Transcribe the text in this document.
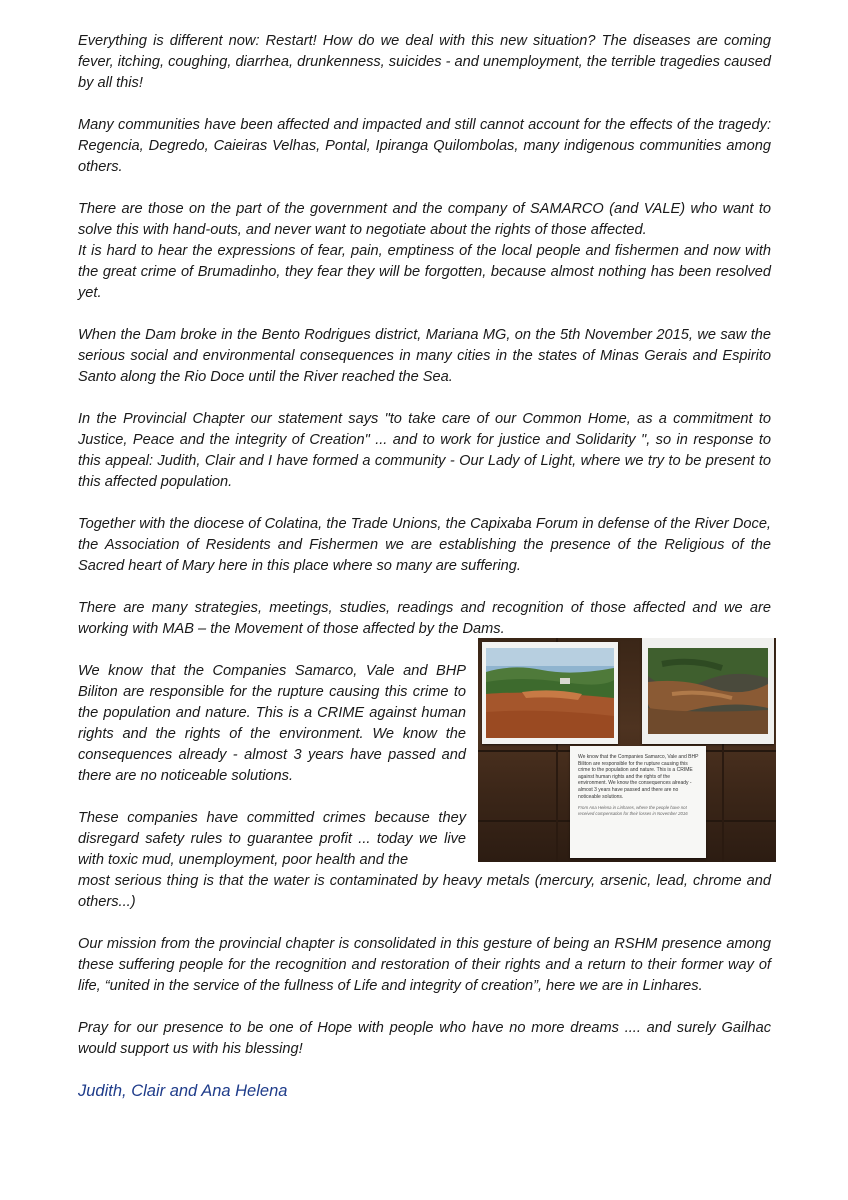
Everything is different now: Restart! How do we deal with this new situation? The diseases are coming fever, itching, coughing, diarrhea, drunkenness, suicides - and unemployment, the terrible tragedies caused by all this!

Many communities have been affected and impacted and still cannot account for the effects of the tragedy: Regencia, Degredo, Caieiras Velhas, Pontal, Ipiranga Quilombolas, many indigenous communities among others.

There are those on the part of the government and the company of SAMARCO (and VALE) who want to solve this with hand-outs, and never want to negotiate about the rights of those affected.

It is hard to hear the expressions of fear, pain, emptiness of the local people and fishermen and now with the great crime of Brumadinho, they fear they will be forgotten, because almost nothing has been resolved yet.

When the Dam broke in the Bento Rodrigues district, Mariana MG, on the 5th November 2015, we saw the serious social and environmental consequences in many cities in the states of Minas Gerais and Espirito Santo along the Rio Doce until the River reached the Sea.

In the Provincial Chapter our statement says "to take care of our Common Home, as a commitment to Justice, Peace and the integrity of Creation" ... and to work for justice and Solidarity ", so in response to this appeal: Judith, Clair and I have formed a community - Our Lady of Light, where we try to be present to this affected population.

Together with the diocese of Colatina, the Trade Unions, the Capixaba Forum in defense of the River Doce, the Association of Residents and Fishermen we are establishing the presence of the Religious of the Sacred heart of Mary here in this place where so many are suffering.

There are many strategies, meetings, studies, readings and recognition of those affected and we are working with MAB – the Movement of those affected by the Dams.

We know that the Companies Samarco, Vale and BHP Biliton are responsible for the rupture causing this crime to the population and nature. This is a CRIME against human rights and the rights of the environment. We know the consequences already - almost 3 years have passed and there are no noticeable solutions.

These companies have committed crimes because they disregard safety rules to guarantee profit ... today we live with toxic mud, unemployment, poor health and the

most serious thing is that the water is contaminated by heavy metals (mercury, arsenic, lead, chrome and others...)

Our mission from the provincial chapter is consolidated in this gesture of being an RSHM presence among these suffering people for the recognition and restoration of their rights and a return to their former way of life, “united in the service of the fullness of Life and integrity of creation”, here we are in Linhares.

Pray for our presence to be one of Hope with people who have no more dreams .... and surely Gailhac would support us with his blessing!

Judith, Clair and Ana Helena
We know that the Companies Samarco, Vale and BHP Biliton are responsible for the rupture causing this crime to the population and nature. This is a CRIME against human rights and the rights of the environment. We know the consequences already - almost 3 years have passed and there are no noticeable solutions.
From Ana Helena in Linhares, where the people have not received compensation for their losses in November 2016
